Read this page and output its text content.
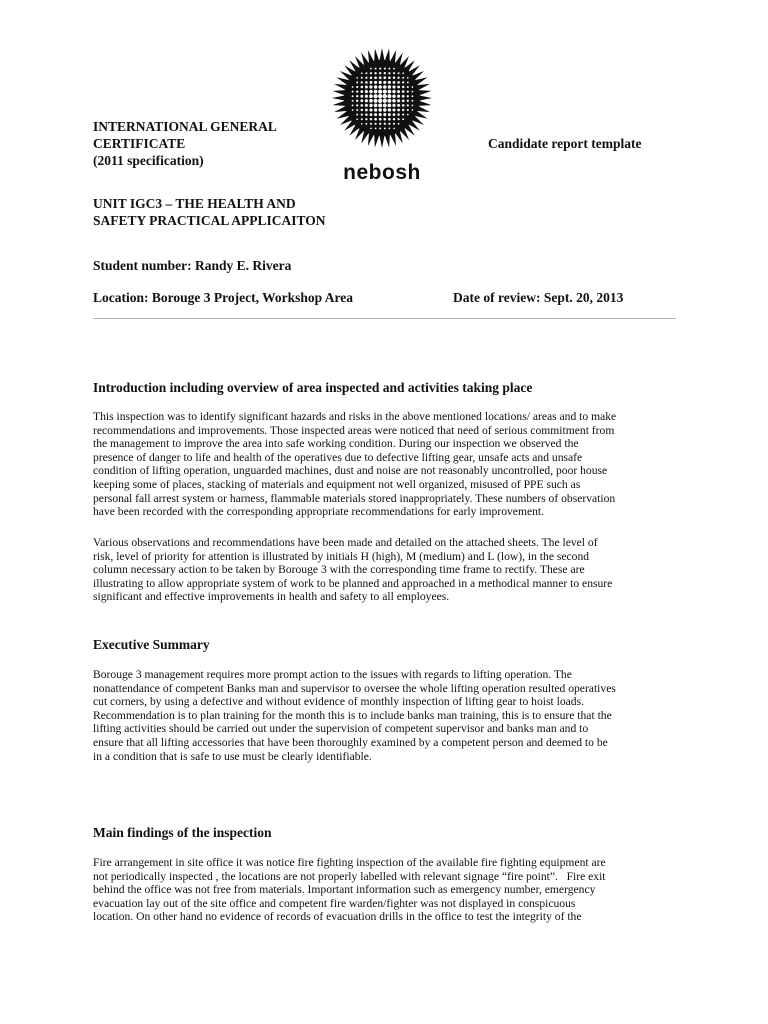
nebosh
INTERNATIONAL GENERAL
CERTIFICATE
(2011 specification)
Candidate report template
UNIT IGC3 – THE HEALTH AND
SAFETY PRACTICAL APPLICAITON
Student number: Randy E. Rivera
Location: Borouge 3 Project, Workshop Area	Date of review: Sept. 20, 2013
Introduction including overview of area inspected and activities taking place
This inspection was to identify significant hazards and risks in the above mentioned locations/ areas and to make
recommendations and improvements. Those inspected areas were noticed that need of serious commitment from
the management to improve the area into safe working condition. During our inspection we observed the
presence of danger to life and health of the operatives due to defective lifting gear, unsafe acts and unsafe
condition of lifting operation, unguarded machines, dust and noise are not reasonably uncontrolled, poor house
keeping some of places, stacking of materials and equipment not well organized, misused of PPE such as
personal fall arrest system or harness, flammable materials stored inappropriately. These numbers of observation
have been recorded with the corresponding appropriate recommendations for early improvement.
Various observations and recommendations have been made and detailed on the attached sheets. The level of
risk, level of priority for attention is illustrated by initials H (high), M (medium) and L (low), in the second
column necessary action to be taken by Borouge 3 with the corresponding time frame to rectify. These are
illustrating to allow appropriate system of work to be planned and approached in a methodical manner to ensure
significant and effective improvements in health and safety to all employees.
Executive Summary
Borouge 3 management requires more prompt action to the issues with regards to lifting operation. The
nonattendance of competent Banks man and supervisor to oversee the whole lifting operation resulted operatives
cut corners, by using a defective and without evidence of monthly inspection of lifting gear to hoist loads.
Recommendation is to plan training for the month this is to include banks man training, this is to ensure that the
lifting activities should be carried out under the supervision of competent supervisor and banks man and to
ensure that all lifting accessories that have been thoroughly examined by a competent person and deemed to be
in a condition that is safe to use must be clearly identifiable.
Main findings of the inspection
Fire arrangement in site office it was notice fire fighting inspection of the available fire fighting equipment are
not periodically inspected , the locations are not properly labelled with relevant signage “fire point”.   Fire exit
behind the office was not free from materials. Important information such as emergency number, emergency
evacuation lay out of the site office and competent fire warden/fighter was not displayed in conspicuous
location. On other hand no evidence of records of evacuation drills in the office to test the integrity of the
